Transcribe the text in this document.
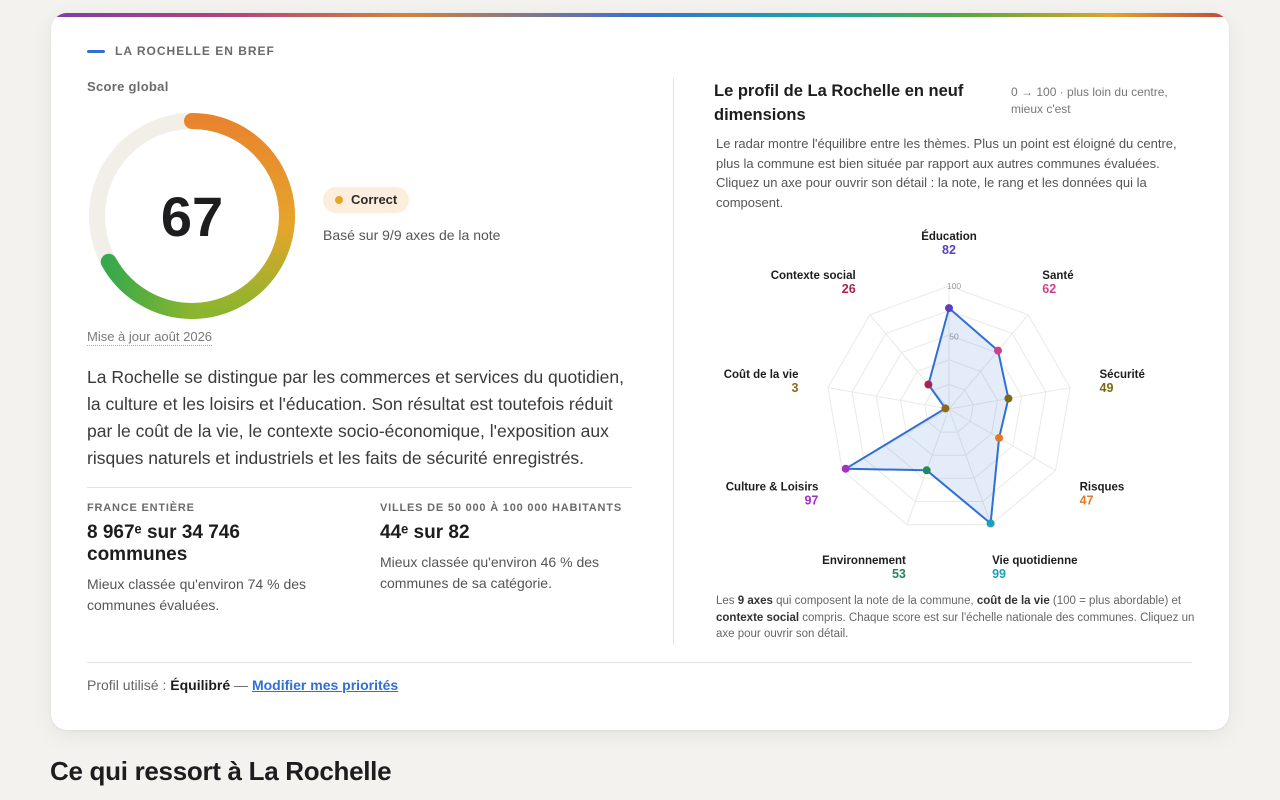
LA ROCHELLE EN BREF
Score global
67	Correct
Basé sur 9/9 axes de la note
Mise à jour août 2026
La Rochelle se distingue par les commerces et services du quotidien, la culture et les loisirs et l'éducation. Son résultat est toutefois réduit par le coût de la vie, le contexte socio-économique, l'exposition aux risques naturels et industriels et les faits de sécurité enregistrés.
FRANCE ENTIÈRE
8 967ᵉ sur 34 746 communes
Mieux classée qu'environ 74 % des communes évaluées.
VILLES DE 50 000 À 100 000 HABITANTS
44ᵉ sur 82
Mieux classée qu'environ 46 % des communes de sa catégorie.
Le profil de La Rochelle en neuf dimensions
0 → 100 · plus loin du centre, mieux c'est
Le radar montre l'équilibre entre les thèmes. Plus un point est éloigné du centre, plus la commune est bien située par rapport aux autres communes évaluées. Cliquez un axe pour ouvrir son détail : la note, le rang et les données qui la composent.
100
Éducation
82
Santé
62
Sécurité
49
Risques
47
Vie quotidienne
99
Environnement
53
Culture & Loisirs
97
Coût de la vie
3
Contexte social
26
Les 9 axes qui composent la note de la commune, coût de la vie (100 = plus abordable) et contexte social compris. Chaque score est sur l'échelle nationale des communes. Cliquez un axe pour ouvrir son détail.
Profil utilisé : Équilibré — Modifier mes priorités
Ce qui ressort à La Rochelle
